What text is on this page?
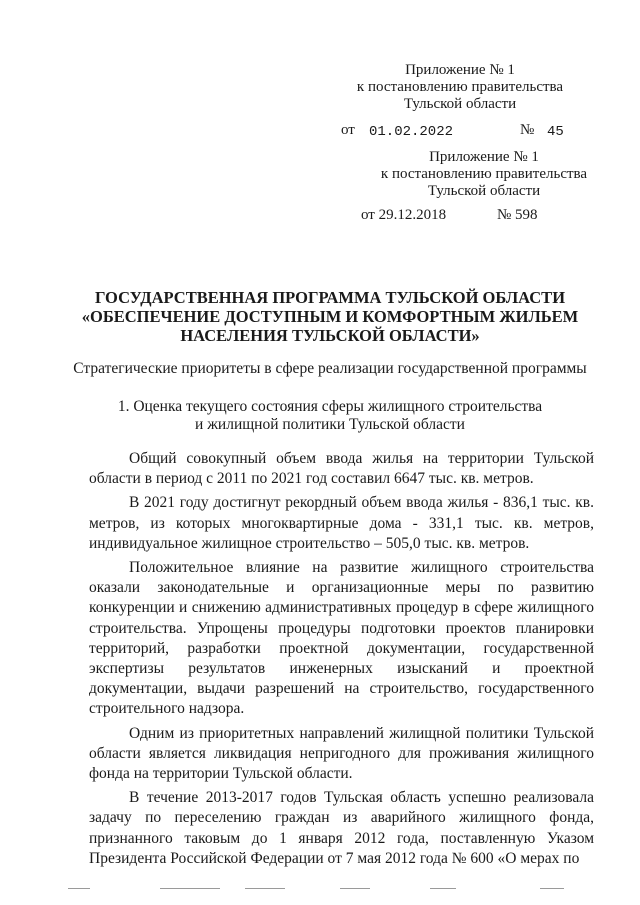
Приложение № 1
к постановлению правительства
Тульской области
от 01.02.2022	№ 45
Приложение № 1
к постановлению правительства
Тульской области
от 29.12.2018	№ 598
ГОСУДАРСТВЕННАЯ ПРОГРАММА ТУЛЬСКОЙ ОБЛАСТИ
«ОБЕСПЕЧЕНИЕ ДОСТУПНЫМ И КОМФОРТНЫМ ЖИЛЬЕМ
НАСЕЛЕНИЯ ТУЛЬСКОЙ ОБЛАСТИ»
Стратегические приоритеты в сфере реализации государственной программы
1. Оценка текущего состояния сферы жилищного строительства
и жилищной политики Тульской области

Общий совокупный объем ввода жилья на территории Тульской области в период с 2011 по 2021 год составил 6647 тыс. кв. метров.

В 2021 году достигнут рекордный объем ввода жилья - 836,1 тыс. кв. метров, из которых многоквартирные дома - 331,1 тыс. кв. метров, индивидуальное жилищное строительство – 505,0 тыс. кв. метров.

Положительное влияние на развитие жилищного строительства оказали законодательные и организационные меры по развитию конкуренции и снижению административных процедур в сфере жилищного строительства. Упрощены процедуры подготовки проектов планировки территорий, разработки проектной документации, государственной экспертизы результатов инженерных изысканий и проектной документации, выдачи разрешений на строительство, государственного строительного надзора.

Одним из приоритетных направлений жилищной политики Тульской области является ликвидация непригодного для проживания жилищного фонда на территории Тульской области.

В течение 2013-2017 годов Тульская область успешно реализовала задачу по переселению граждан из аварийного жилищного фонда, признанного таковым до 1 января 2012 года, поставленную Указом Президента Российской Федерации от 7 мая 2012 года № 600 «О мерах по
